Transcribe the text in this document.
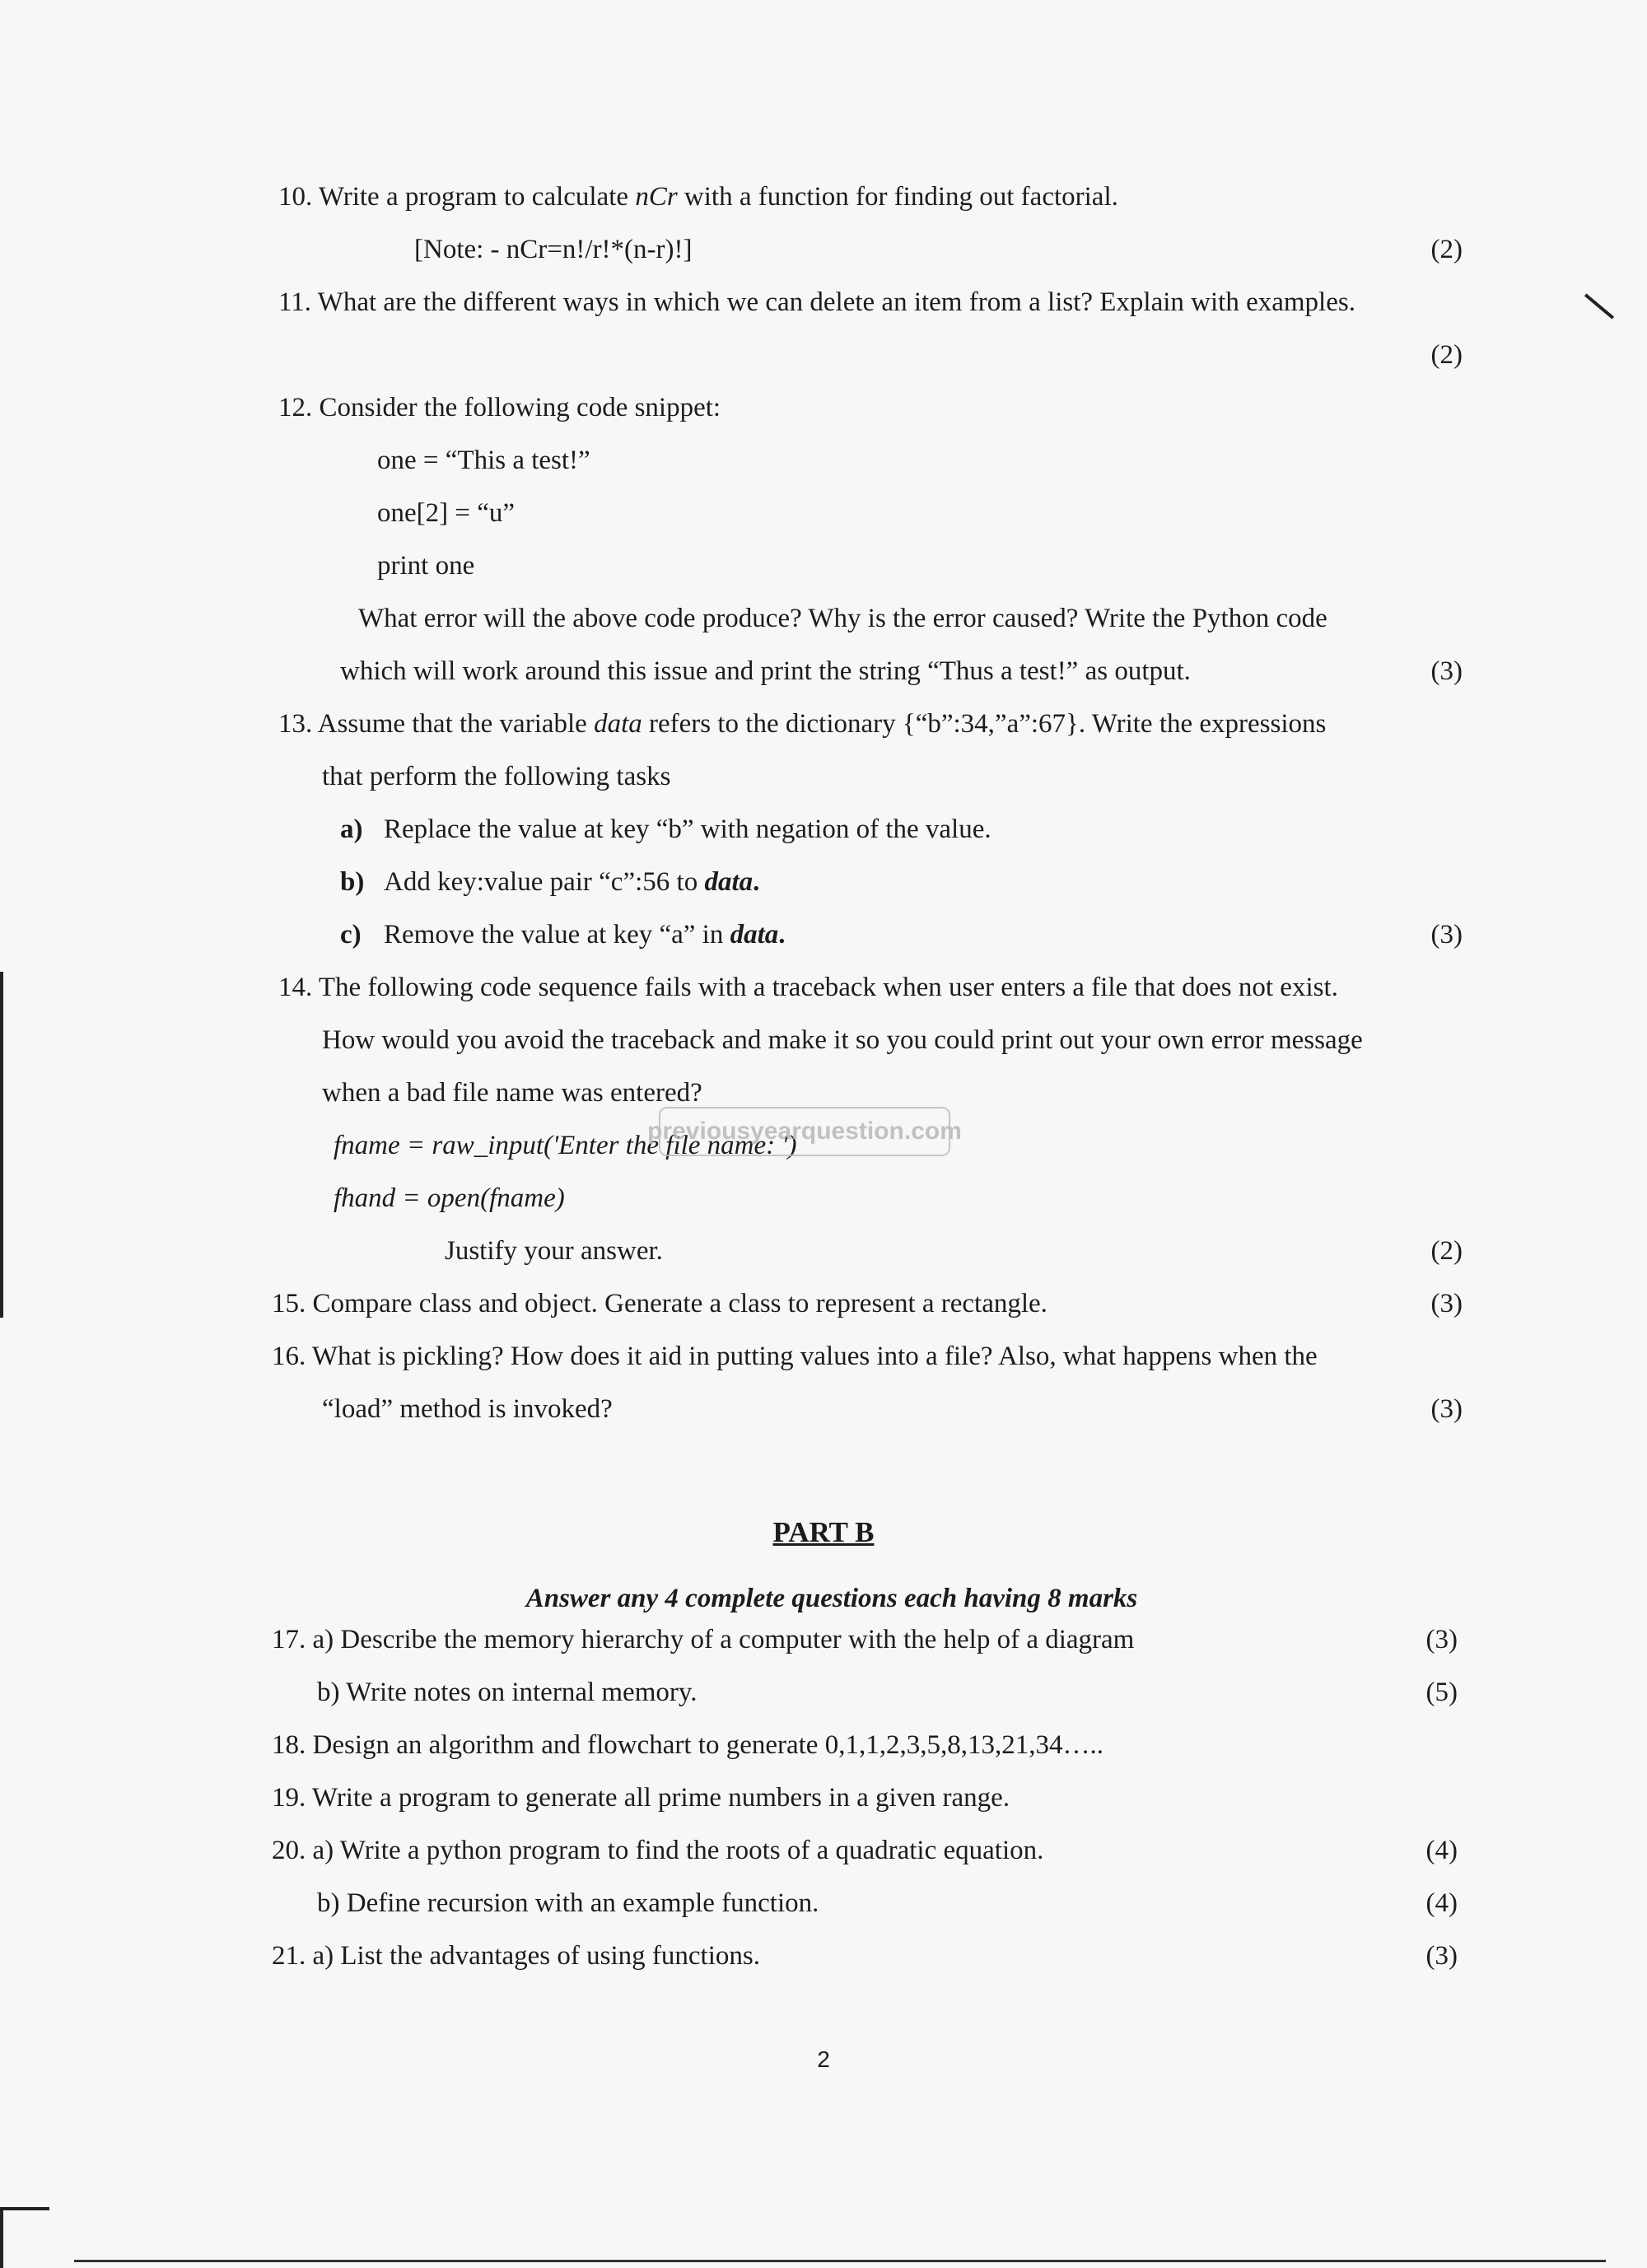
10. Write a program to calculate nCr with a function for finding out factorial.
[Note: - nCr=n!/r!*(n-r)!]	(2)
11. What are the different ways in which we can delete an item from a list? Explain with examples.
(2)
12. Consider the following code snippet:
one = “This a test!”
one[2] = “u”
print one
What error will the above code produce? Why is the error caused? Write the Python code
which will work around this issue and print the string “Thus a test!” as output.	(3)
13. Assume that the variable data refers to the dictionary {“b”:34,”a”:67}. Write the expressions
that perform the following tasks
a) Replace the value at key “b” with negation of the value.
b) Add key:value pair “c”:56 to data.
c) Remove the value at key “a” in data.	(3)
14. The following code sequence fails with a traceback when user enters a file that does not exist.
How would you avoid the traceback and make it so you could print out your own error message
when a bad file name was entered?
fname = raw_input('Enter the file name: ')
fhand = open(fname)
Justify your answer.	(2)
15. Compare class and object. Generate a class to represent a rectangle.	(3)
16. What is pickling? How does it aid in putting values into a file? Also, what happens when the
“load” method is invoked?	(3)
PART B
Answer any 4 complete questions each having 8 marks
17. a) Describe the memory hierarchy of a computer with the help of a diagram	(3)
b) Write notes on internal memory.	(5)
18. Design an algorithm and flowchart to generate 0,1,1,2,3,5,8,13,21,34…..
19. Write a program to generate all prime numbers in a given range.
20. a) Write a python program to find the roots of a quadratic equation.	(4)
b) Define recursion with an example function.	(4)
21. a) List the advantages of using functions.	(3)
2
previousyearquestion.com
